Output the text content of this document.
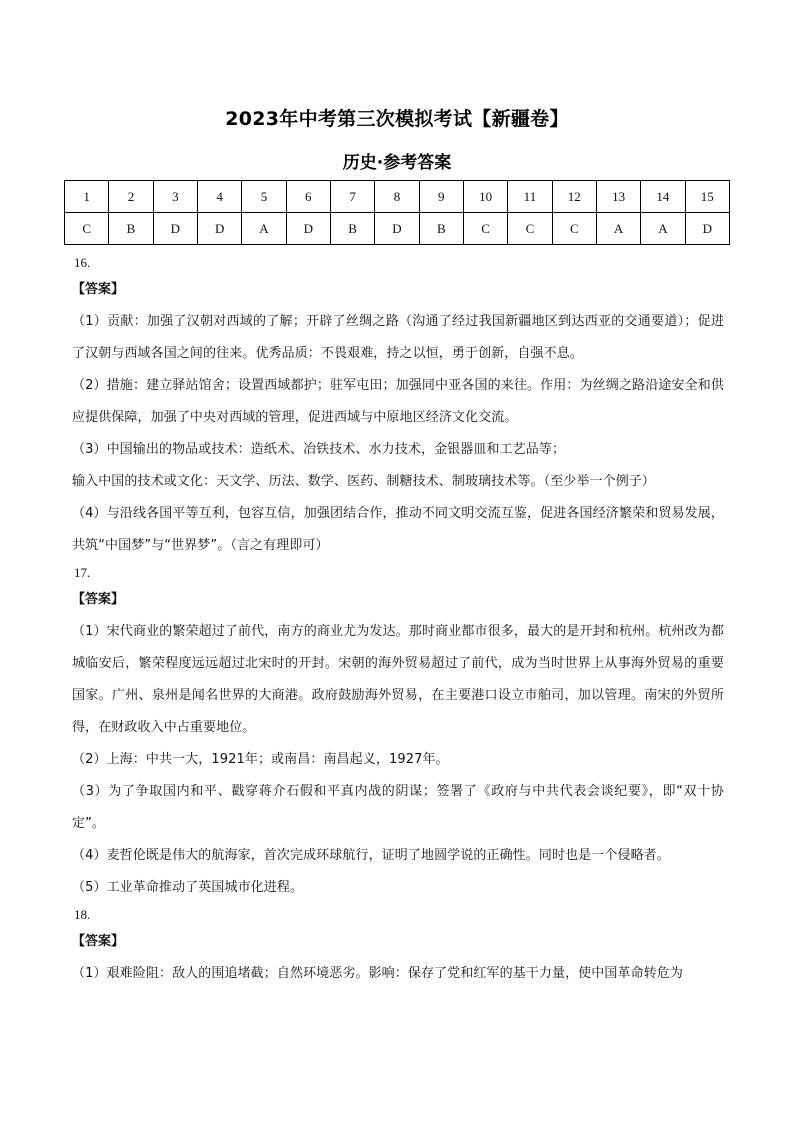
2023年中考第三次模拟考试【新疆卷】
历史·参考答案
1	2	3	4	5	6	7	8	9	10	11	12	13	14	15
C	B	D	D	A	D	B	D	B	C	C	C	A	A	D
16.
【答案】
（1）贡献：加强了汉朝对西域的了解；开辟了丝绸之路（沟通了经过我国新疆地区到达西亚的交通要道）；促进了汉朝与西域各国之间的往来。优秀品质：不畏艰难，持之以恒，勇于创新，自强不息。
（2）措施：建立驿站馆舍；设置西域都护；驻军屯田；加强同中亚各国的来往。作用：为丝绸之路沿途安全和供应提供保障，加强了中央对西域的管理，促进西域与中原地区经济文化交流。
（3）中国输出的物品或技术：造纸术、冶铁技术、水力技术，金银器皿和工艺品等；
输入中国的技术或文化：天文学、历法、数学、医药、制糖技术、制玻璃技术等。（至少举一个例子）
（4）与沿线各国平等互利，包容互信，加强团结合作，推动不同文明交流互鉴，促进各国经济繁荣和贸易发展，共筑“中国梦”与“世界梦”。（言之有理即可）
17.
【答案】
（1）宋代商业的繁荣超过了前代，南方的商业尤为发达。那时商业都市很多，最大的是开封和杭州。杭州改为都城临安后，繁荣程度远远超过北宋时的开封。宋朝的海外贸易超过了前代，成为当时世界上从事海外贸易的重要国家。广州、泉州是闻名世界的大商港。政府鼓励海外贸易，在主要港口设立市舶司，加以管理。南宋的外贸所得，在财政收入中占重要地位。
（2）上海：中共一大，1921年；或南昌：南昌起义，1927年。
（3）为了争取国内和平、戳穿蒋介石假和平真内战的阴谋；签署了《政府与中共代表会谈纪要》，即“双十协定”。
（4）麦哲伦既是伟大的航海家，首次完成环球航行，证明了地圆学说的正确性。同时也是一个侵略者。
（5）工业革命推动了英国城市化进程。
18.
【答案】
（1）艰难险阻：敌人的围追堵截；自然环境恶劣。影响：保存了党和红军的基干力量，使中国革命转危为
